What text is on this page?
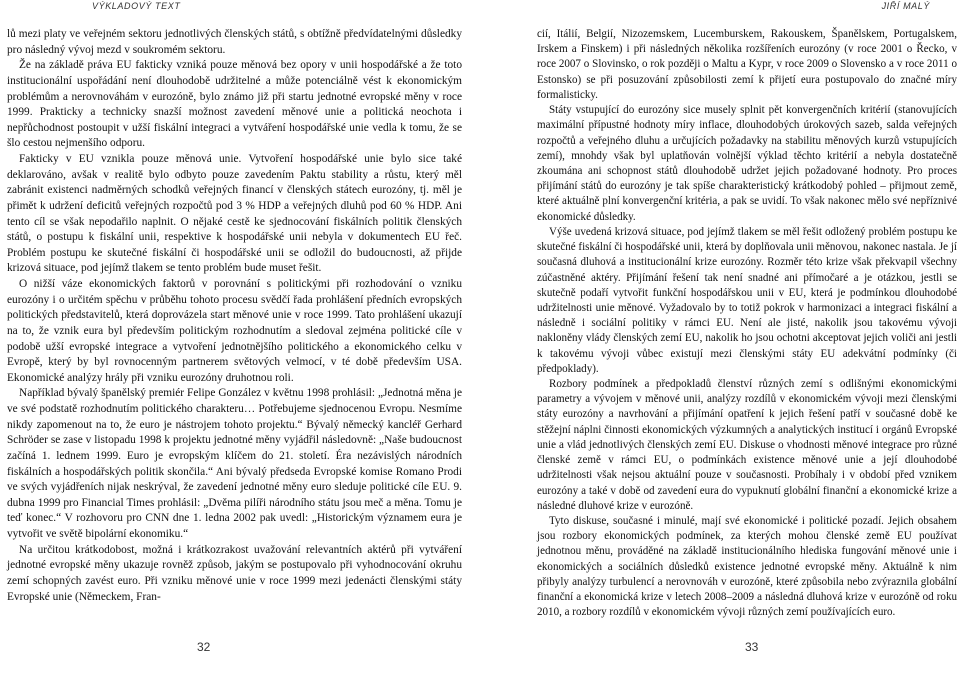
VÝKLADOVÝ TEXT

lů mezi platy ve veřejném sektoru jednotlivých členských států, s obtížně předvídatelnými důsledky pro následný vývoj mezd v soukromém sektoru.

Že na základě práva EU fakticky vzniká pouze měnová bez opory v unii hospodářské a že toto institucionální uspořádání není dlouhodobě udržitelné a může potenciálně vést k ekonomickým problémům a nerovnováhám v eurozóně, bylo známo již při startu jednotné evropské měny v roce 1999. Prakticky a technicky snazší možnost zavedení měnové unie a politická neochota i nepřůchodnost postoupit v užší fiskální integraci a vytváření hospodářské unie vedla k tomu, že se šlo cestou nejmenšího odporu.

Fakticky v EU vznikla pouze měnová unie. Vytvoření hospodářské unie bylo sice také deklarováno, avšak v realitě bylo odbyto pouze zavedením Paktu stability a růstu, který měl zabránit existenci nadměrných schodků veřejných financí v členských státech eurozóny, tj. měl je přimět k udržení deficitů veřejných rozpočtů pod 3 % HDP a veřejných dluhů pod 60 % HDP. Ani tento cíl se však nepodařilo naplnit. O nějaké cestě ke sjednocování fiskálních politik členských států, o postupu k fiskální unii, respektive k hospodářské unii nebyla v dokumentech EU řeč. Problém postupu ke skutečné fiskální či hospodářské unii se odložil do budoucnosti, až přijde krizová situace, pod jejímž tlakem se tento problém bude muset řešit.

O nižší váze ekonomických faktorů v porovnání s politickými při rozhodování o vzniku eurozóny i o určitém spěchu v průběhu tohoto procesu svědčí řada prohlášení předních evropských politických představitelů, která doprovázela start měnové unie v roce 1999. Tato prohlášení ukazují na to, že vznik eura byl především politickým rozhodnutím a sledoval zejména politické cíle v podobě užší evropské integrace a vytvoření jednotnějšího politického a ekonomického celku v Evropě, který by byl rovnocenným partnerem světových velmocí, v té době především USA. Ekonomické analýzy hrály při vzniku eurozóny druhotnou roli.

Například bývalý španělský premiér Felipe González v květnu 1998 prohlásil: „Jednotná měna je ve své podstatě rozhodnutím politického charakteru… Potřebujeme sjednocenou Evropu. Nesmíme nikdy zapomenout na to, že euro je nástrojem tohoto projektu.“ Bývalý německý kancléř Gerhard Schröder se zase v listopadu 1998 k projektu jednotné měny vyjádřil následovně: „Naše budoucnost začíná 1. lednem 1999. Euro je evropským klíčem do 21. století. Éra nezávislých národních fiskálních a hospodářských politik skončila.“ Ani bývalý předseda Evropské komise Romano Prodi ve svých vyjádřeních nijak neskrýval, že zavedení jednotné měny euro sleduje politické cíle EU. 9. dubna 1999 pro Financial Times prohlásil: „Dvěma pilíři národního státu jsou meč a měna. Tomu je teď konec.“ V rozhovoru pro CNN dne 1. ledna 2002 pak uvedl: „Historickým významem eura je vytvořit ve světě bipolární ekonomiku.“

Na určitou krátkodobost, možná i krátkozrakost uvažování relevantních aktérů při vytváření jednotné evropské měny ukazuje rovněž způsob, jakým se postupovalo při vyhodnocování okruhu zemí schopných zavést euro. Při vzniku měnové unie v roce 1999 mezi jedenácti členskými státy Evropské unie (Německem, Fran-

32
JIŘÍ MALÝ

cií, Itálií, Belgií, Nizozemskem, Lucemburskem, Rakouskem, Španělskem, Portugalskem, Irskem a Finskem) i při následných několika rozšířeních eurozóny (v roce 2001 o Řecko, v roce 2007 o Slovinsko, o rok později o Maltu a Kypr, v roce 2009 o Slovensko a v roce 2011 o Estonsko) se při posuzování způsobilosti zemí k přijetí eura postupovalo do značné míry formalisticky.

Státy vstupující do eurozóny sice musely splnit pět konvergenčních kritérií (stanovujících maximální přípustné hodnoty míry inflace, dlouhodobých úrokových sazeb, salda veřejných rozpočtů a veřejného dluhu a určujících požadavky na stabilitu měnových kurzů vstupujících zemí), mnohdy však byl uplatňován volnější výklad těchto kritérií a nebyla dostatečně zkoumána ani schopnost států dlouhodobě udržet jejich požadované hodnoty. Pro proces přijímání států do eurozóny je tak spíše charakteristický krátkodobý pohled – přijmout země, které aktuálně plní konvergenční kritéria, a pak se uvidí. To však nakonec mělo své nepříznivé ekonomické důsledky.

Výše uvedená krizová situace, pod jejímž tlakem se měl řešit odložený problém postupu ke skutečné fiskální či hospodářské unii, která by doplňovala unii měnovou, nakonec nastala. Je jí současná dluhová a institucionální krize eurozóny. Rozměr této krize však překvapil všechny zúčastněné aktéry. Přijímání řešení tak není snadné ani přímočaré a je otázkou, jestli se skutečně podaří vytvořit funkční hospodářskou unii v EU, která je podmínkou dlouhodobé udržitelnosti unie měnové. Vyžadovalo by to totiž pokrok v harmonizaci a integraci fiskální a následně i sociální politiky v rámci EU. Není ale jisté, nakolik jsou takovému vývoji nakloněny vlády členských zemí EU, nakolik ho jsou ochotni akceptovat jejich voliči ani jestli k takovému vývoji vůbec existují mezi členskými státy EU adekvátní podmínky (či předpoklady).

Rozbory podmínek a předpokladů členství různých zemí s odlišnými ekonomickými parametry a vývojem v měnové unii, analýzy rozdílů v ekonomickém vývoji mezi členskými státy eurozóny a navrhování a přijímání opatření k jejich řešení patří v současné době ke stěžejní náplni činnosti ekonomických výzkumných a analytických institucí i orgánů Evropské unie a vlád jednotlivých členských zemí EU. Diskuse o vhodnosti měnové integrace pro různé členské země v rámci EU, o podmínkách existence měnové unie a její dlouhodobé udržitelnosti však nejsou aktuální pouze v současnosti. Probíhaly i v období před vznikem eurozóny a také v době od zavedení eura do vypuknutí globální finanční a ekonomické krize a následné dluhové krize v eurozóně.

Tyto diskuse, současné i minulé, mají své ekonomické i politické pozadí. Jejich obsahem jsou rozbory ekonomických podmínek, za kterých mohou členské země EU používat jednotnou měnu, prováděné na základě institucionálního hlediska fungování měnové unie i ekonomických a sociálních důsledků existence jednotné evropské měny. Aktuálně k nim přibyly analýzy turbulencí a nerovnováh v eurozóně, které způsobila nebo zvýraznila globální finanční a ekonomická krize v letech 2008–2009 a následná dluhová krize v eurozóně od roku 2010, a rozbory rozdílů v ekonomickém vývoji různých zemí používajících euro.

33
